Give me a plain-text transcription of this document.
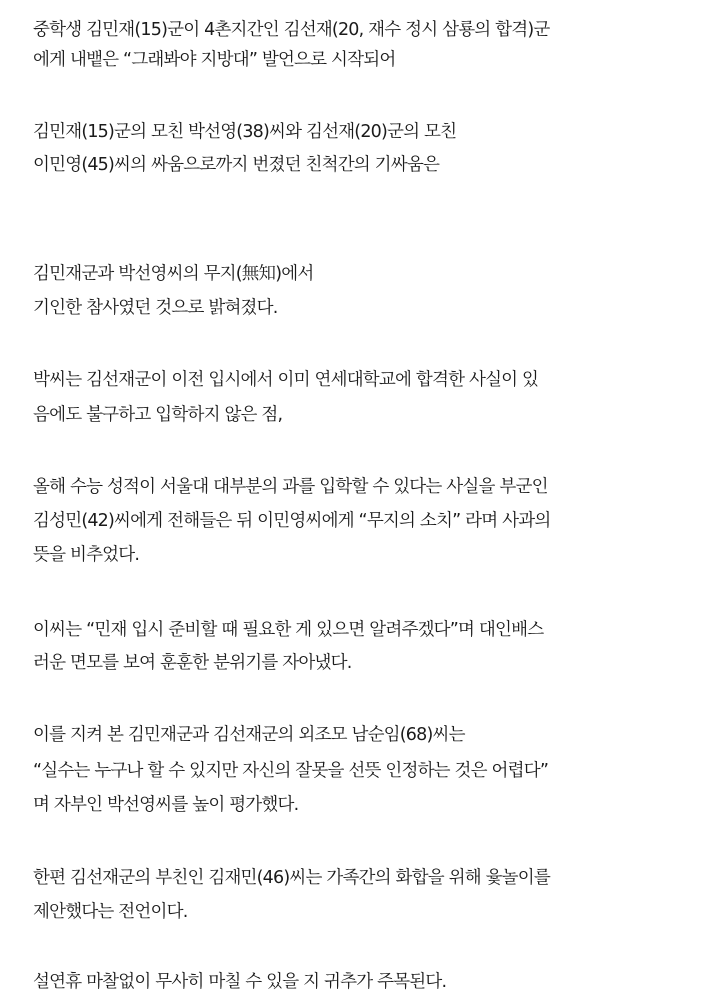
중학생 김민재(15)군이 4촌지간인 김선재(20, 재수 정시 삼룡의 합격)군
에게 내뱉은 “그래봐야 지방대” 발언으로 시작되어
김민재(15)군의 모친 박선영(38)씨와 김선재(20)군의 모친
이민영(45)씨의 싸움으로까지 번졌던 친척간의 기싸움은
김민재군과 박선영씨의 무지(無知)에서
기인한 참사였던 것으로 밝혀졌다.
박씨는 김선재군이 이전 입시에서 이미 연세대학교에 합격한 사실이 있
음에도 불구하고 입학하지 않은 점,
올해 수능 성적이 서울대 대부분의 과를 입학할 수 있다는 사실을 부군인
김성민(42)씨에게 전해들은 뒤 이민영씨에게 “무지의 소치” 라며 사과의
뜻을 비추었다.
이씨는 “민재 입시 준비할 때 필요한 게 있으면 알려주겠다”며 대인배스
러운 면모를 보여 훈훈한 분위기를 자아냈다.
이를 지켜 본 김민재군과 김선재군의 외조모 남순임(68)씨는
“실수는 누구나 할 수 있지만 자신의 잘못을 선뜻 인정하는 것은 어렵다”
며 자부인 박선영씨를 높이 평가했다.
한편 김선재군의 부친인 김재민(46)씨는 가족간의 화합을 위해 윷놀이를
제안했다는 전언이다.
설연휴 마찰없이 무사히 마칠 수 있을 지 귀추가 주목된다.
